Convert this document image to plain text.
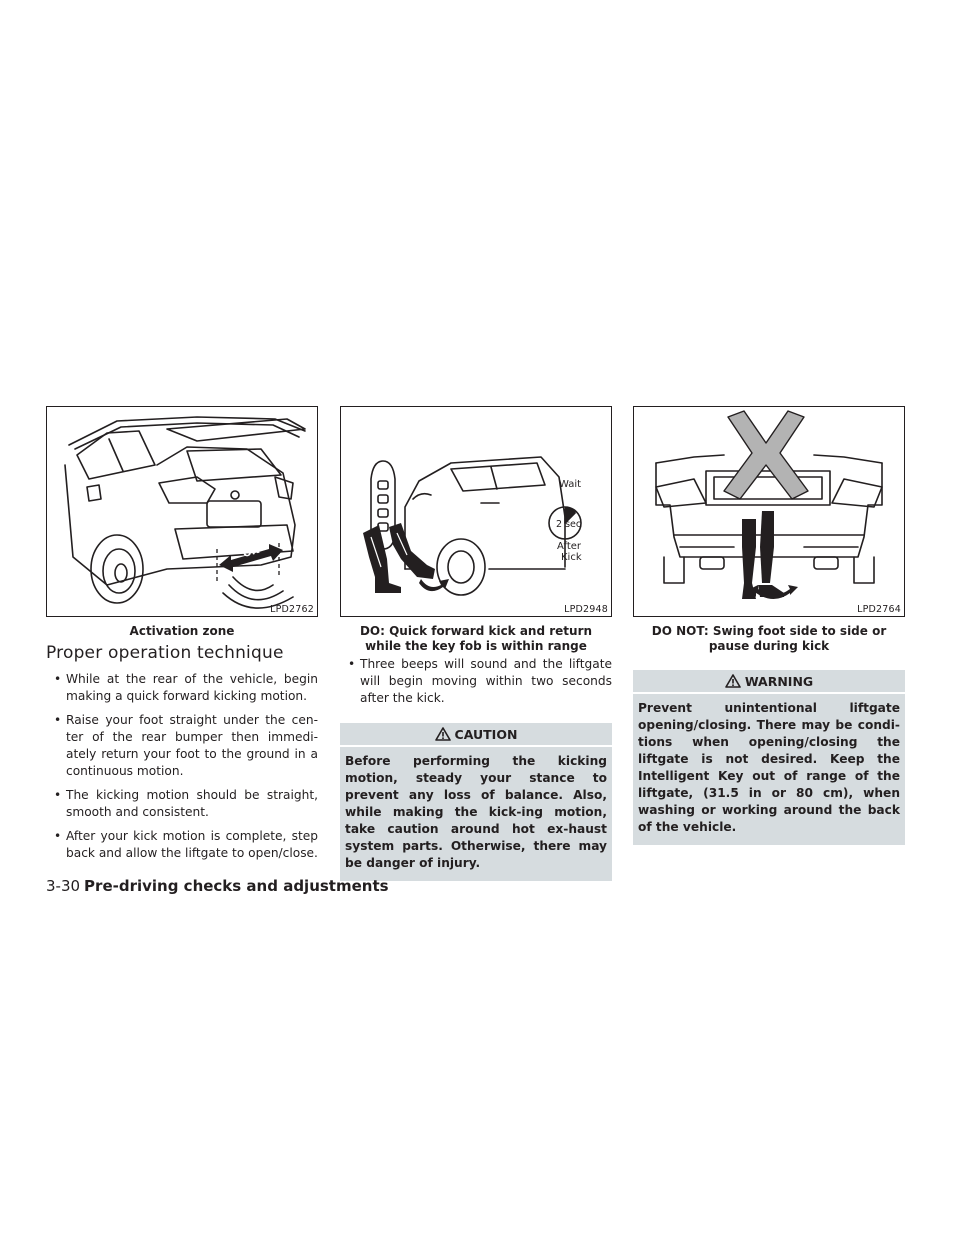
OK
LPD2762
Activation zone
Proper operation technique
• While at the rear of the vehicle, begin making a quick forward kicking motion.
• Raise your foot straight under the cen-ter of the rear bumper then immedi-ately return your foot to the ground in a continuous motion.
• The kicking motion should be straight, smooth and consistent.
• After your kick motion is complete, step back and allow the liftgate to open/close.
Wait
2 sec
After
Kick
LPD2948
DO: Quick forward kick and return while the key fob is within range
• Three beeps will sound and the liftgate will begin moving within two seconds after the kick.
CAUTION
Before performing the kicking motion, steady your stance to prevent any loss of balance. Also, while making the kick-ing motion, take caution around hot ex-haust system parts. Otherwise, there may be danger of injury.
LPD2764
DO NOT: Swing foot side to side or pause during kick
WARNING
Prevent unintentional liftgate opening/closing. There may be condi-tions when opening/closing the liftgate is not desired. Keep the Intelligent Key out of range of the liftgate, (31.5 in or 80 cm), when washing or working around the back of the vehicle.
3-30 Pre-driving checks and adjustments
